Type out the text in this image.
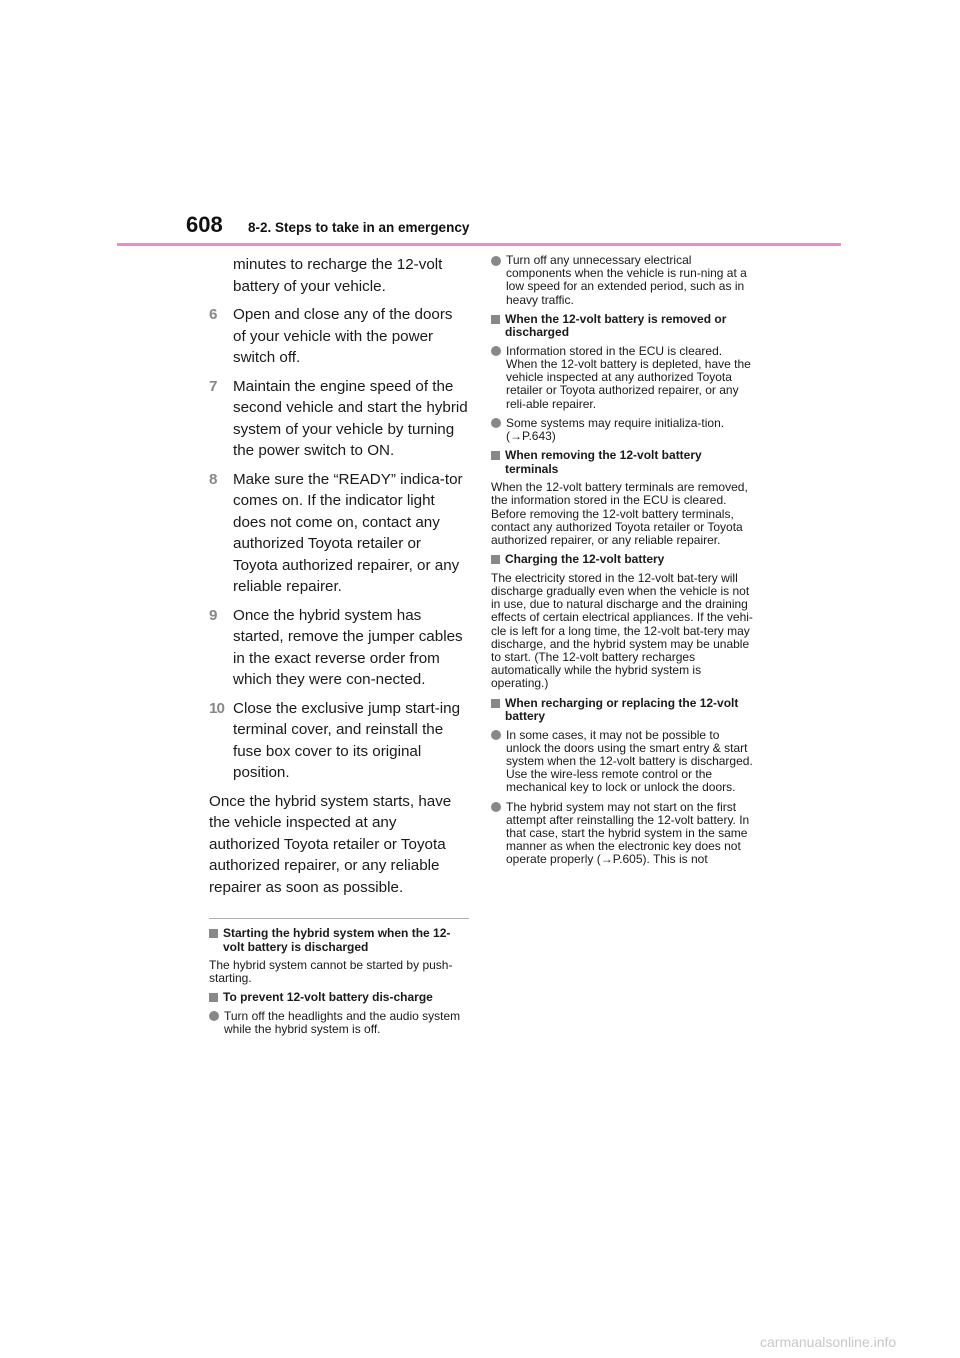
608 8-2. Steps to take in an emergency
minutes to recharge the 12-volt battery of your vehicle.
6	Open and close any of the doors of your vehicle with the power switch off.
7	Maintain the engine speed of the second vehicle and start the hybrid system of your vehicle by turning the power switch to ON.
8	Make sure the “READY” indica-tor comes on. If the indicator light does not come on, contact any authorized Toyota retailer or Toyota authorized repairer, or any reliable repairer.
9	Once the hybrid system has started, remove the jumper cables in the exact reverse order from which they were con-nected.
10 Close the exclusive jump start-ing terminal cover, and reinstall the fuse box cover to its original position.
Once the hybrid system starts, have the vehicle inspected at any authorized Toyota retailer or Toyota authorized repairer, or any reliable repairer as soon as possible.
Starting the hybrid system when the 12-volt battery is discharged
The hybrid system cannot be started by push-starting.
To prevent 12-volt battery dis-charge
Turn off the headlights and the audio system while the hybrid system is off.
Turn off any unnecessary electrical components when the vehicle is run-ning at a low speed for an extended period, such as in heavy traffic.
When the 12-volt battery is removed or discharged
Information stored in the ECU is cleared. When the 12-volt battery is depleted, have the vehicle inspected at any authorized Toyota retailer or Toyota authorized repairer, or any reli-able repairer.
Some systems may require initializa-tion. (→P.643)
When removing the 12-volt battery terminals
When the 12-volt battery terminals are removed, the information stored in the ECU is cleared. Before removing the 12-volt battery terminals, contact any authorized Toyota retailer or Toyota authorized repairer, or any reliable repairer.
Charging the 12-volt battery
The electricity stored in the 12-volt bat-tery will discharge gradually even when the vehicle is not in use, due to natural discharge and the draining effects of certain electrical appliances. If the vehi-cle is left for a long time, the 12-volt bat-tery may discharge, and the hybrid system may be unable to start. (The 12-volt battery recharges automatically while the hybrid system is operating.)
When recharging or replacing the 12-volt battery
In some cases, it may not be possible to unlock the doors using the smart entry & start system when the 12-volt battery is discharged. Use the wire-less remote control or the mechanical key to lock or unlock the doors.
The hybrid system may not start on the first attempt after reinstalling the 12-volt battery. In that case, start the hybrid system in the same manner as when the electronic key does not operate properly (→P.605). This is not
carmanualsonline.info
